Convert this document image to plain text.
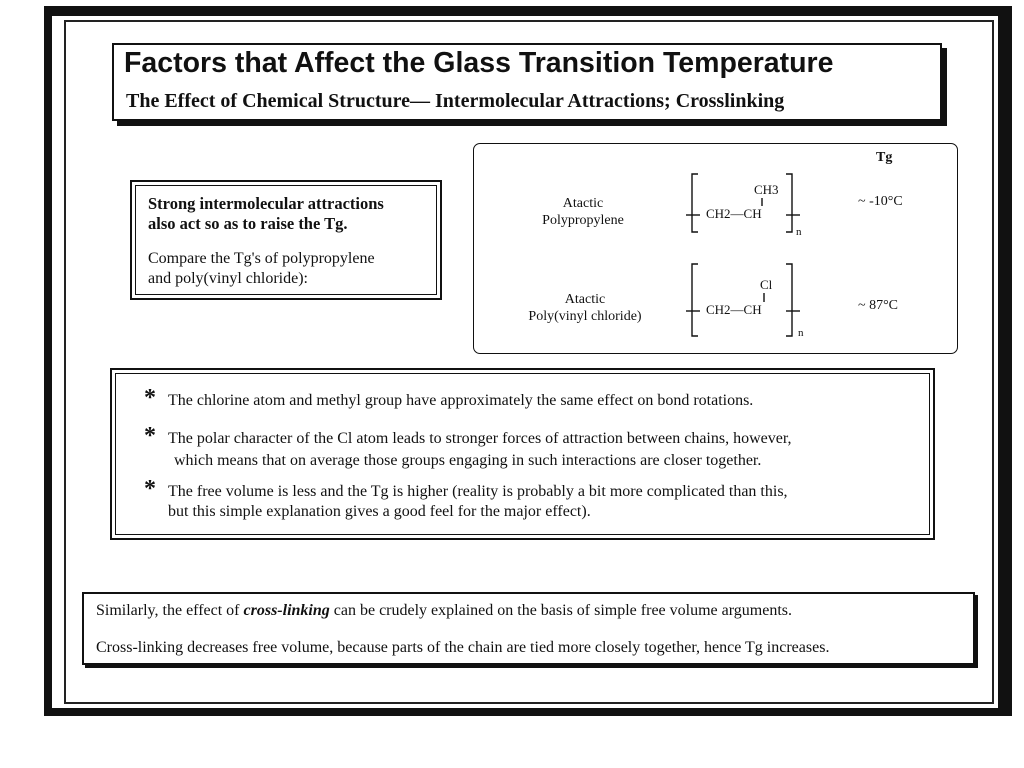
Factors that Affect the Glass Transition Temperature
The Effect of Chemical Structure— Intermolecular Attractions; Crosslinking
Strong intermolecular attractions
also act so as to raise the Tg.
Compare the Tg's of polypropylene
and poly(vinyl chloride):
Tg
Atactic
Polypropylene
~ -10°C
CH3
CH2—CH
n
Atactic
Poly(vinyl chloride)
~ 87°C
Cl
CH2—CH
n
* The chlorine atom and methyl group have approximately the same effect on bond rotations.
* The polar character of the Cl atom leads to stronger forces of attraction between chains, however,
which means that on average those groups engaging in such interactions are closer together.
* The free volume is less and the Tg is higher (reality is probably a bit more complicated than this,
but this simple explanation gives a good feel for the major effect).
Similarly, the effect of cross-linking can be crudely explained on the basis of simple free volume arguments.
Cross-linking decreases free volume, because parts of the chain are tied more closely together, hence Tg increases.
